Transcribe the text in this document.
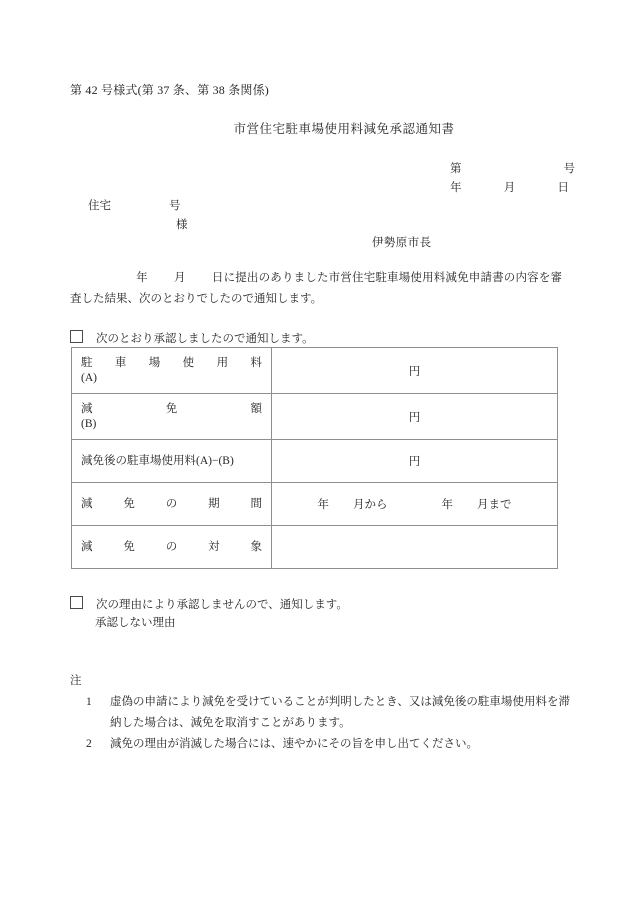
第 42 号様式(第 37 条、第 38 条関係)
市営住宅駐車場使用料減免承認通知書
第	号
年	月	日
住宅	号
様
伊勢原市長
年 月 日に提出のありました市営住宅駐車場使用料減免申請書の内容を審査した結果、次のとおりでしたので通知します。
次のとおり承認しましたので通知します。
駐 車 場 使 用 料
(A)
	円

減 免 額
(B)	円

減免後の駐車場使用料(A)−(B)	円

減 免 の 期 間	年 月から 年 月まで

減 免 の 対 象	

次の理由により承認しませんので、通知します。
承認しない理由
注
1	虚偽の申請により減免を受けていることが判明したとき、又は減免後の駐車場使用料を滞納した場合は、減免を取消すことがあります。
2	減免の理由が消滅した場合には、速やかにその旨を申し出てください。
